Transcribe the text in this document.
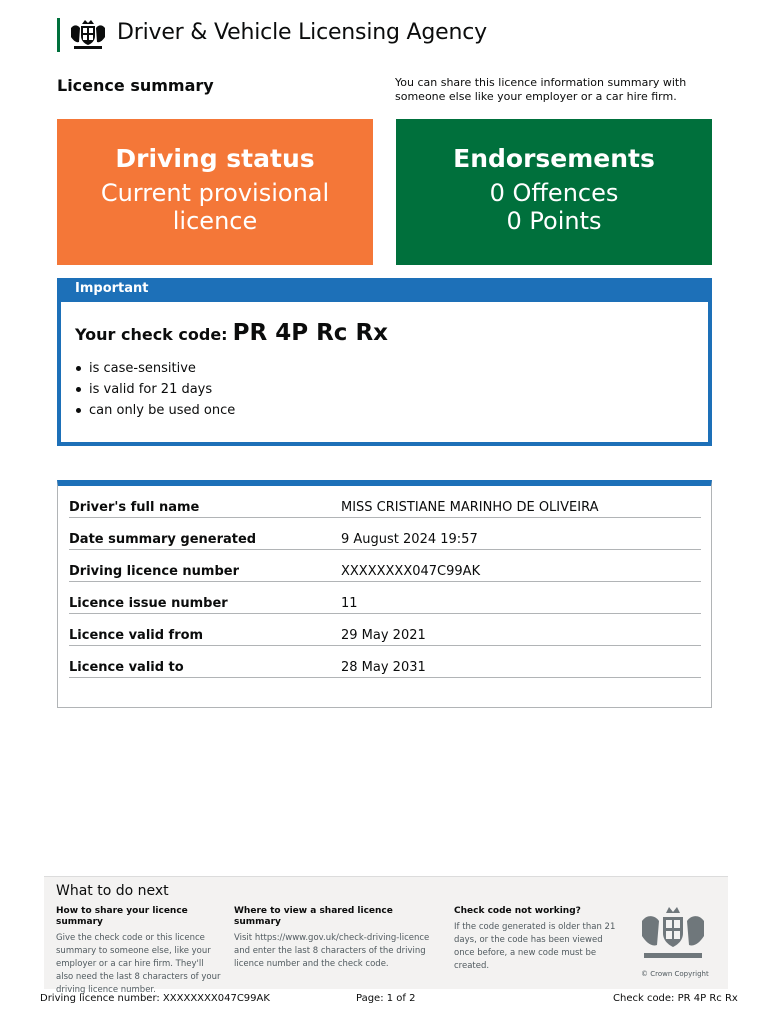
Driver & Vehicle Licensing Agency
Licence summary	You can share this licence information summary with someone else like your employer or a car hire firm.
Driving status
Current provisional licence
Endorsements
0 Offences
0 Points
Important
Your check code: PR 4P Rc Rx
is case-sensitive
is valid for 21 days
can only be used once
Driver's full name	MISS CRISTIANE MARINHO DE OLIVEIRA
Date summary generated	9 August 2024 19:57
Driving licence number	XXXXXXXX047C99AK
Licence issue number	11
Licence valid from	29 May 2021
Licence valid to	28 May 2031
What to do next
How to share your licence summary

Give the check code or this licence summary to someone else, like your employer or a car hire firm. They'll also need the last 8 characters of your driving licence number.

Where to view a shared licence summary

Visit https://www.gov.uk/check-driving-licence and enter the last 8 characters of the driving licence number and the check code.

Check code not working?

If the code generated is older than 21 days, or the code has been viewed once before, a new code must be created.

© Crown Copyright
Driving licence number: XXXXXXXX047C99AK	Page: 1 of 2	Check code: PR 4P Rc Rx
